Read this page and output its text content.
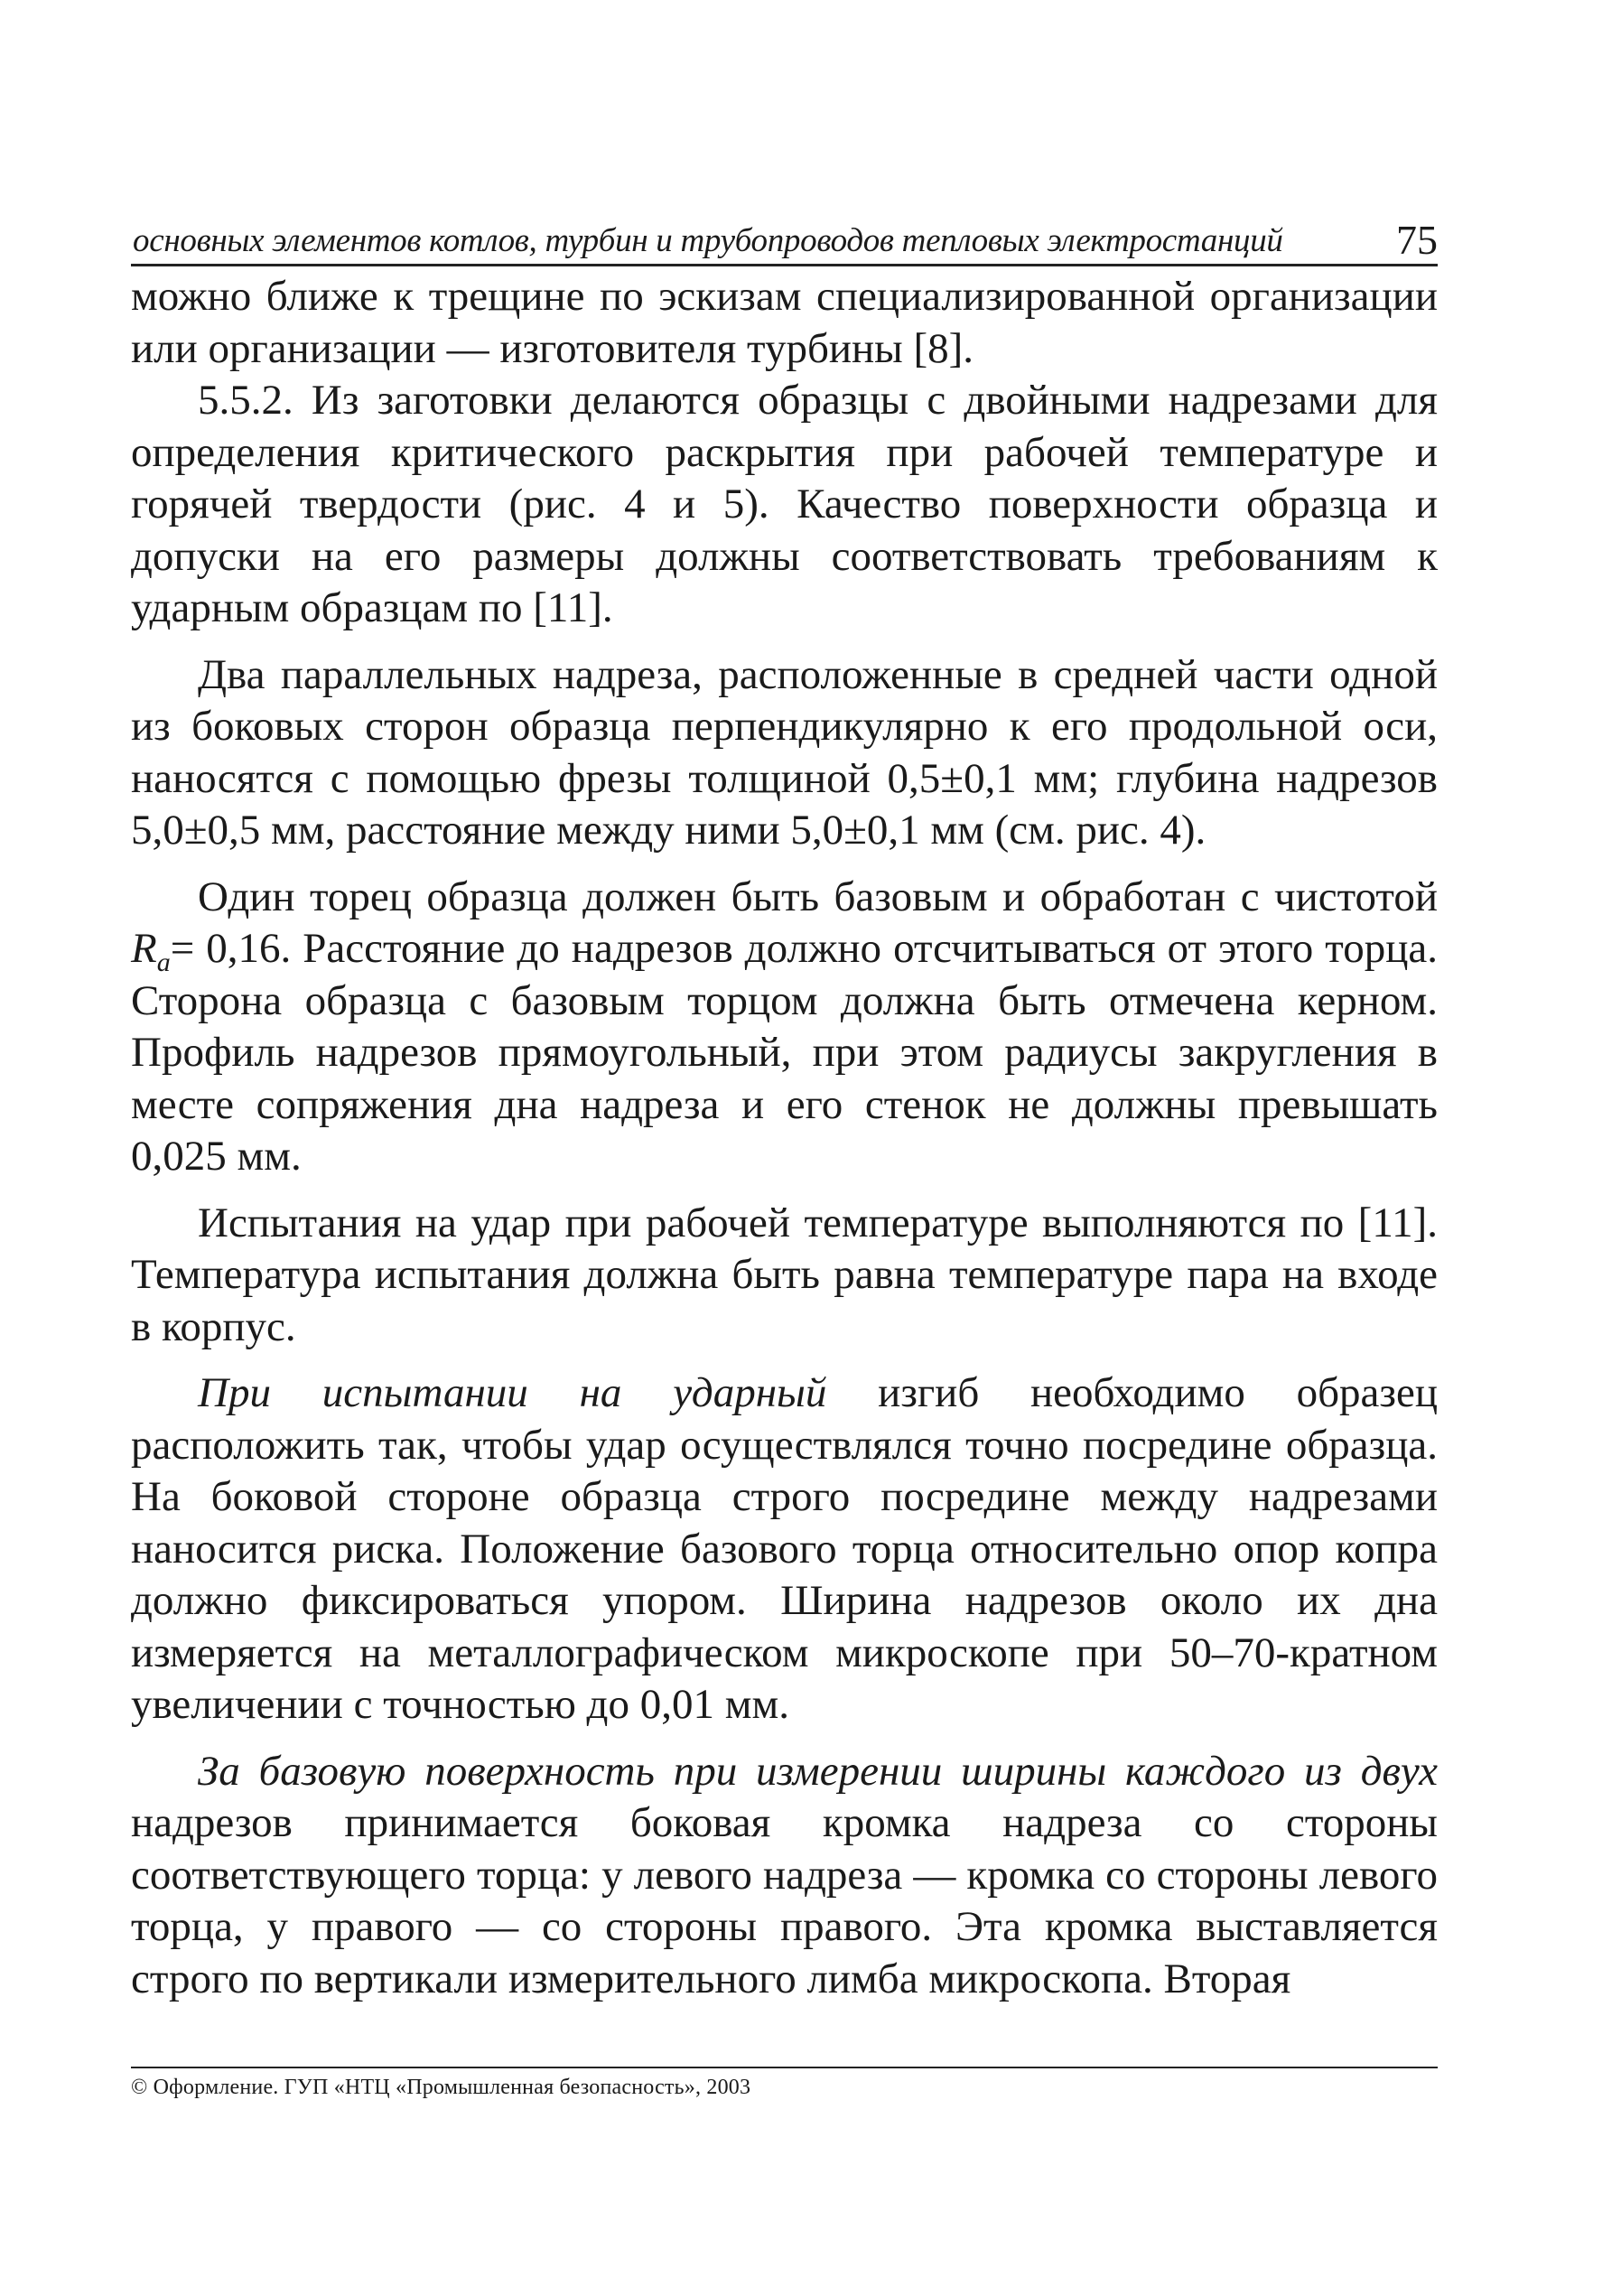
основных элементов котлов, турбин и трубопроводов тепловых электростанций	75

можно ближе к трещине по эскизам специализированной организации или организации — изготовителя турбины [8].

5.5.2. Из заготовки делаются образцы с двойными надрезами для определения критического раскрытия при рабочей температуре и горячей твердости (рис. 4 и 5). Качество поверхности образца и допуски на его размеры должны соответствовать требованиям к ударным образцам по [11].

Два параллельных надреза, расположенные в средней части одной из боковых сторон образца перпендикулярно к его продольной оси, наносятся с помощью фрезы толщиной 0,5±0,1 мм; глубина надрезов 5,0±0,5 мм, расстояние между ними 5,0±0,1 мм (см. рис. 4).

Один торец образца должен быть базовым и обработан с чистотой $R_a= 0,16$. Расстояние до надрезов должно отсчитываться от этого торца. Сторона образца с базовым торцом должна быть отмечена керном. Профиль надрезов прямоугольный, при этом радиусы закругления в месте сопряжения дна надреза и его стенок не должны превышать 0,025 мм.

Испытания на удар при рабочей температуре выполняются по [11]. Температура испытания должна быть равна температуре пара на входе в корпус.

При испытании на ударный изгиб необходимо образец расположить так, чтобы удар осуществлялся точно посредине образца. На боковой стороне образца строго посредине между надрезами наносится риска. Положение базового торца относительно опор копра должно фиксироваться упором. Ширина надрезов около их дна измеряется на металлографическом микроскопе при 50–70-кратном увеличении с точностью до 0,01 мм.

За базовую поверхность при измерении ширины каждого из двух надрезов принимается боковая кромка надреза со стороны соответствующего торца: у левого надреза — кромка со стороны левого торца, у правого — со стороны правого. Эта кромка выставляется строго по вертикали измерительного лимба микроскопа. Вторая

© Оформление. ГУП «НТЦ «Промышленная безопасность», 2003
